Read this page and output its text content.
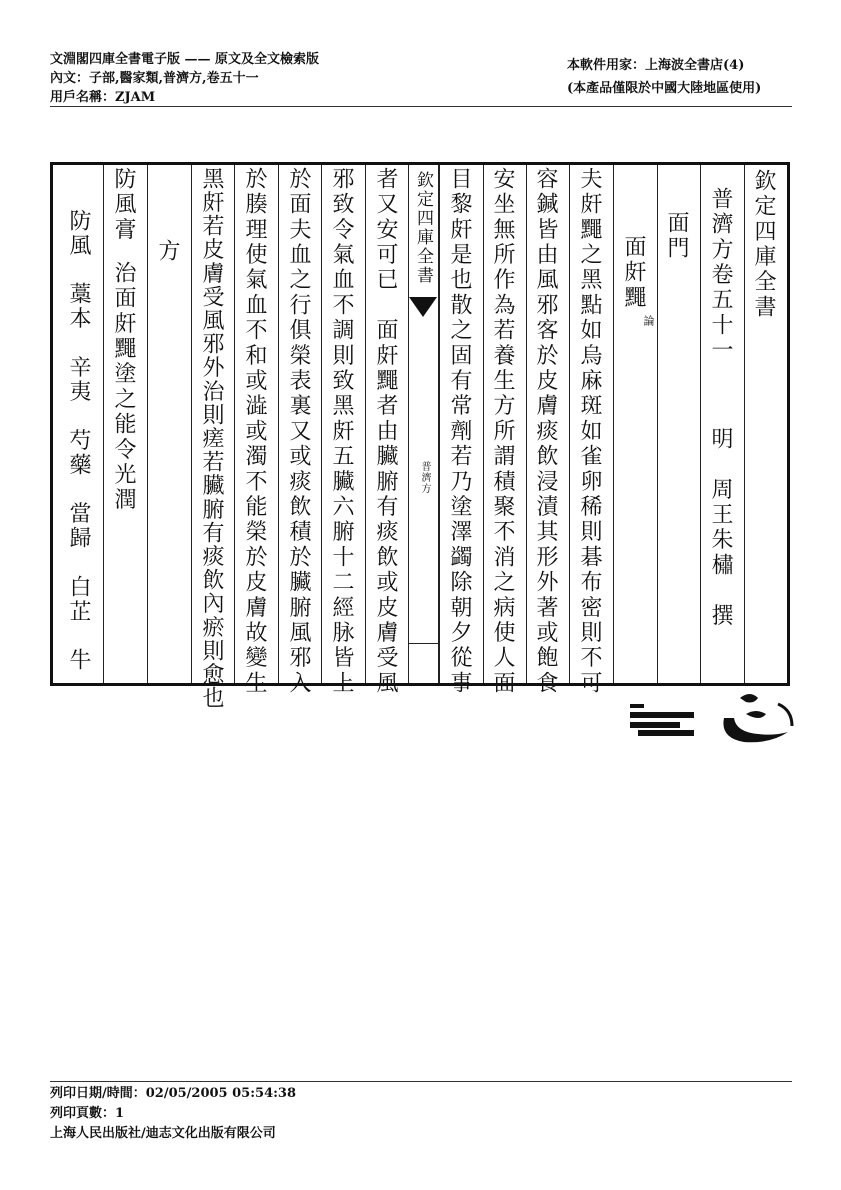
文淵閣四庫全書電子版 —— 原文及全文檢索版
內文：子部,醫家類,普濟方,卷五十一
用戶名稱：ZJAM
本軟件用家：上海波全書店(4)
(本產品僅限於中國大陸地區使用)
欽定四庫全書
普濟方卷五十一
明　周王朱橚　撰
面門
面皯䵴
論
夫皯䵴之黑點如烏麻斑如雀卵稀則碁布密則不可
容鍼皆由風邪客於皮膚痰飲浸漬其形外著或飽食
安坐無所作為若養生方所謂積聚不消之病使人面
目黎皯是也散之固有常劑若乃塗澤蠲除朝夕從事
欽定四庫全書
普濟方
者又安可已　面皯䵴者由臟腑有痰飲或皮膚受風
邪致令氣血不調則致黑皯五臟六腑十二經脉皆上
於面夫血之行俱榮表裏又或痰飲積於臟腑風邪入
於腠理使氣血不和或澁或濁不能榮於皮膚故變生
黑皯若皮膚受風邪外治則瘥若臟腑有痰飲內瘀則愈也
方
防風膏
治面皯䵴塗之能令光潤
防風　藁本　辛夷　芍藥　當歸　白芷　牛
列印日期/時間：02/05/2005 05:54:38
列印頁數：1
上海人民出版社/迪志文化出版有限公司
